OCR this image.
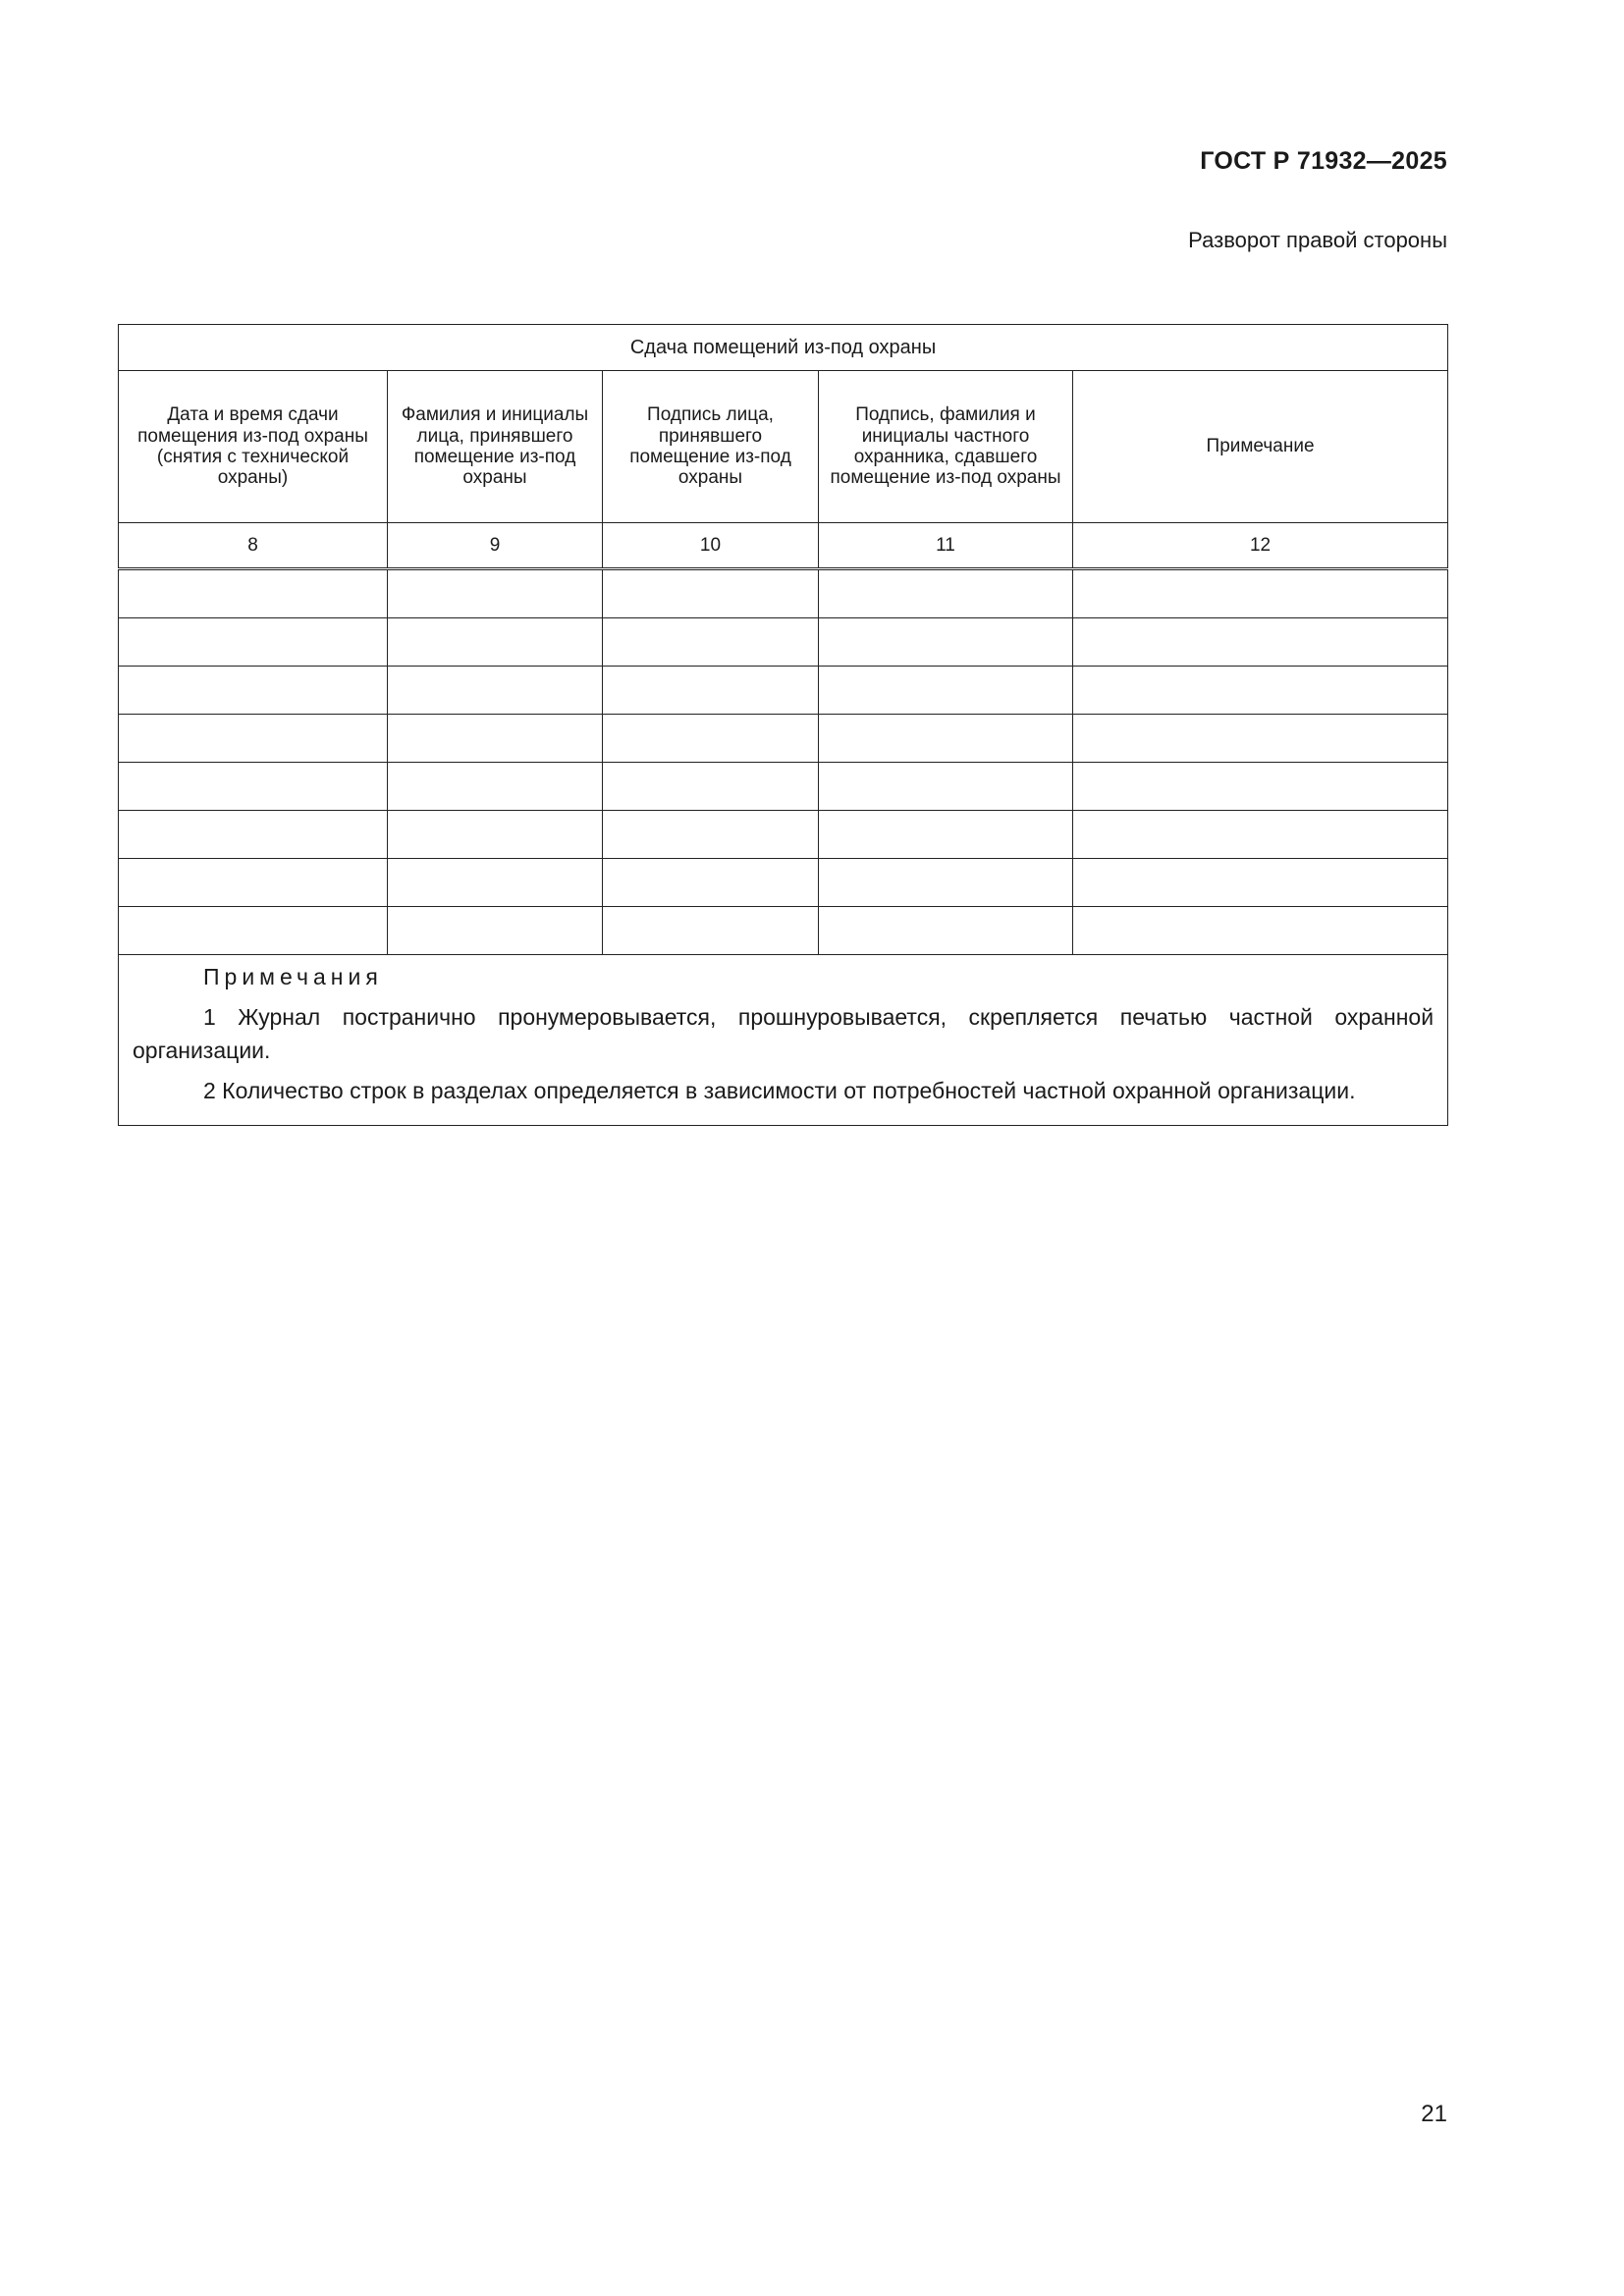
ГОСТ Р 71932—2025
Разворот правой стороны
Сдача помещений из-под охраны				
Дата и время сдачи помещения из-под охраны (снятия с технической охраны)	Фамилия и инициалы лица, принявшего помещение из-под охраны	Подпись лица, принявшего помещение из-под охраны	Подпись, фамилия и инициалы частного охранника, сдавшего помещение из-под охраны	Примечание
8	9	10	11	12

Примечания
1 Журнал постранично пронумеровывается, прошнуровывается, скрепляется печатью частной охранной организации.
2 Количество строк в разделах определяется в зависимости от потребностей частной охранной организации.				
21
